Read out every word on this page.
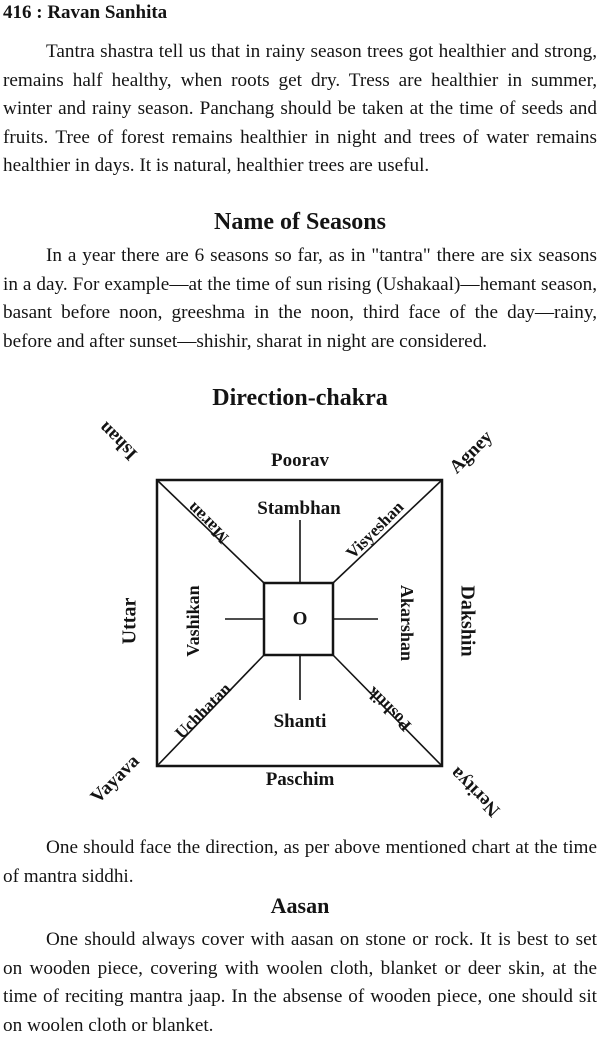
416 : Ravan Sanhita

Tantra shastra tell us that in rainy season trees got healthier and strong, remains half healthy, when roots get dry. Tress are healthier in summer, winter and rainy season. Panchang should be taken at the time of seeds and fruits. Tree of forest remains healthier in night and trees of water remains healthier in days. It is natural, healthier trees are useful.

Name of Seasons

In a year there are 6 seasons so far, as in "tantra" there are six seasons in a day. For example—at the time of sun rising (Ushakaal)—hemant season, basant before noon, greeshma in the noon, third face of the day—rainy, before and after sunset—shishir, sharat in night are considered.

Direction-chakra
O
Poorav
Paschim
Uttar	Dakshin
Ishan	Agney
Vayava	Neritya
Stambhan
Shanti
Vashikan	Akarshan
Maran	Visyeshan
Uchhatan	Poshtik

One should face the direction, as per above mentioned chart at the time of mantra siddhi.

Aasan

One should always cover with aasan on stone or rock. It is best to set on wooden piece, covering with woolen cloth, blanket or deer skin, at the time of reciting mantra jaap. In the absense of wooden piece, one should sit on woolen cloth or blanket.
